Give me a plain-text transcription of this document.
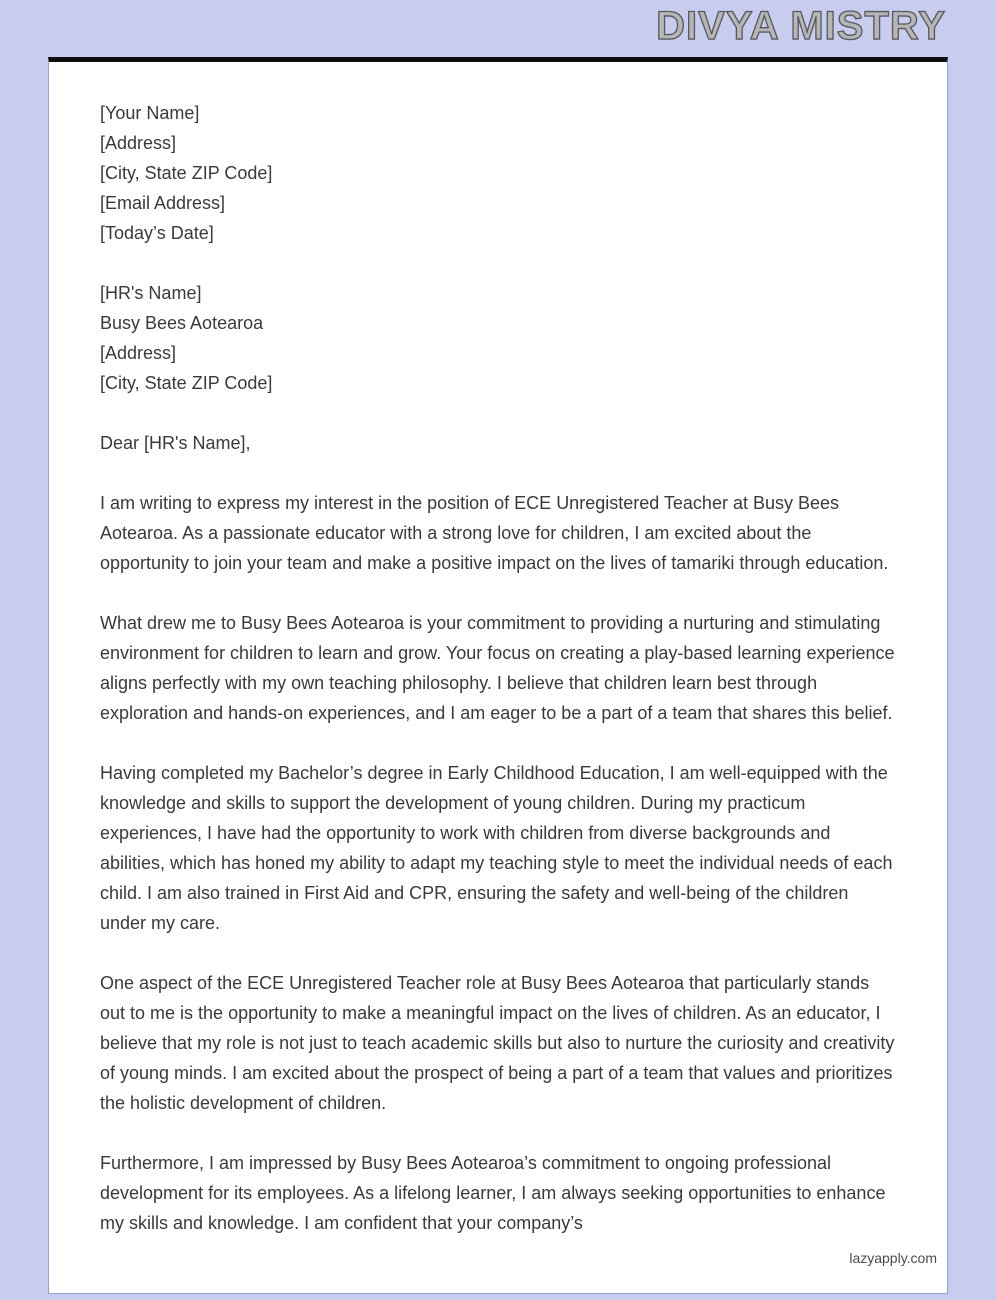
DIVYA MISTRY

[Your Name]

[Address]

[City, State ZIP Code]

[Email Address]

[Today’s Date]

[HR's Name]

Busy Bees Aotearoa

[Address]

[City, State ZIP Code]

Dear [HR's Name],

I am writing to express my interest in the position of ECE Unregistered Teacher at Busy Bees Aotearoa. As a passionate educator with a strong love for children, I am excited about the opportunity to join your team and make a positive impact on the lives of tamariki through education.

What drew me to Busy Bees Aotearoa is your commitment to providing a nurturing and stimulating environment for children to learn and grow. Your focus on creating a play-based learning experience aligns perfectly with my own teaching philosophy. I believe that children learn best through exploration and hands-on experiences, and I am eager to be a part of a team that shares this belief.

Having completed my Bachelor’s degree in Early Childhood Education, I am well-equipped with the knowledge and skills to support the development of young children. During my practicum experiences, I have had the opportunity to work with children from diverse backgrounds and abilities, which has honed my ability to adapt my teaching style to meet the individual needs of each child. I am also trained in First Aid and CPR, ensuring the safety and well-being of the children under my care.

One aspect of the ECE Unregistered Teacher role at Busy Bees Aotearoa that particularly stands out to me is the opportunity to make a meaningful impact on the lives of children. As an educator, I believe that my role is not just to teach academic skills but also to nurture the curiosity and creativity of young minds. I am excited about the prospect of being a part of a team that values and prioritizes the holistic development of children.

Furthermore, I am impressed by Busy Bees Aotearoa’s commitment to ongoing professional development for its employees. As a lifelong learner, I am always seeking opportunities to enhance my skills and knowledge. I am confident that your company’s

lazyapply.com
